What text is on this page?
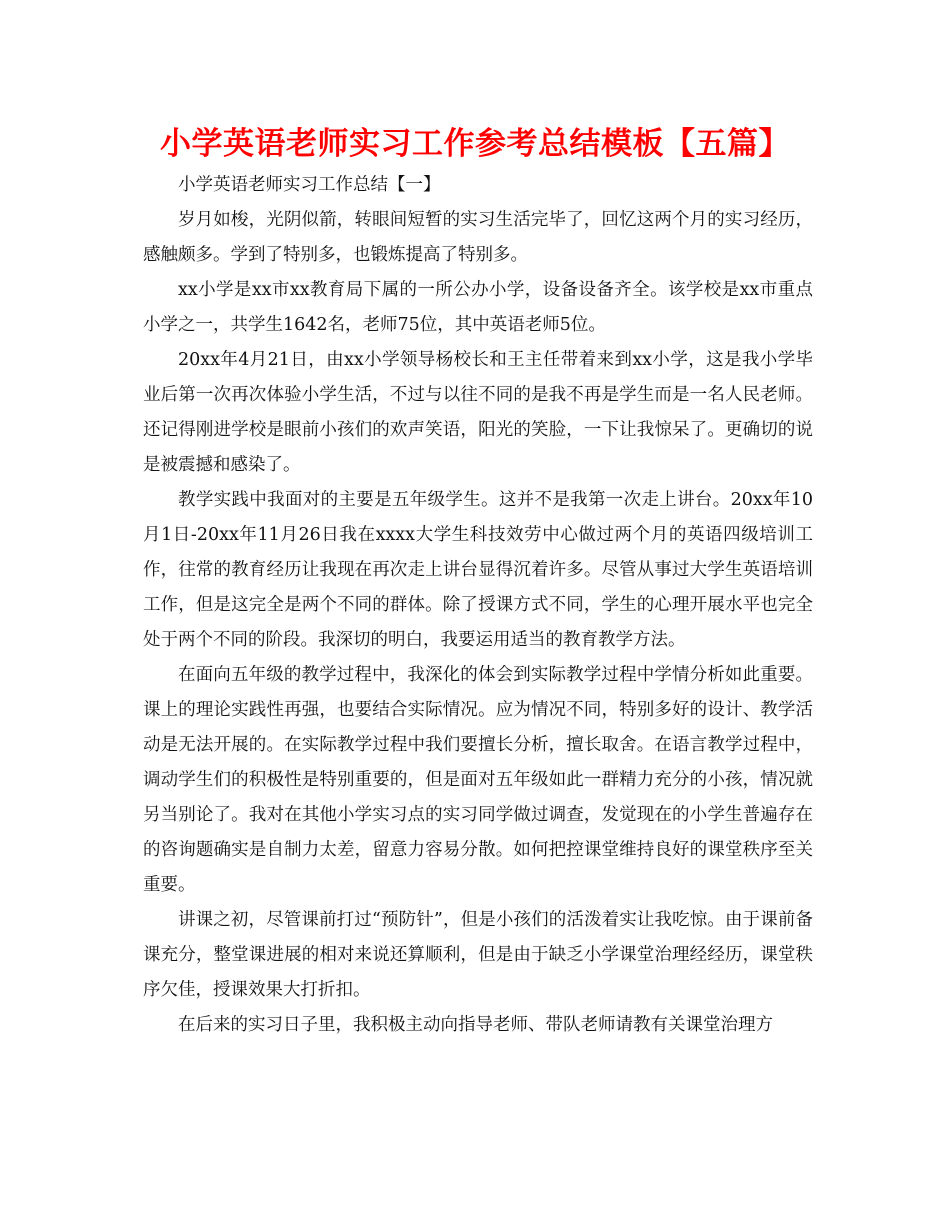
小学英语老师实习工作参考总结模板【五篇】

小学英语老师实习工作总结【一】

岁月如梭，光阴似箭，转眼间短暂的实习生活完毕了，回忆这两个月的实习经历，感触颇多。学到了特别多，也锻炼提高了特别多。

xx小学是xx市xx教育局下属的一所公办小学，设备设备齐全。该学校是xx市重点小学之一，共学生1642名，老师75位，其中英语老师5位。

20xx年4月21日，由xx小学领导杨校长和王主任带着来到xx小学，这是我小学毕业后第一次再次体验小学生活，不过与以往不同的是我不再是学生而是一名人民老师。还记得刚进学校是眼前小孩们的欢声笑语，阳光的笑脸，一下让我惊呆了。更确切的说是被震撼和感染了。

教学实践中我面对的主要是五年级学生。这并不是我第一次走上讲台。20xx年10月1日-20xx年11月26日我在xxxx大学生科技效劳中心做过两个月的英语四级培训工作，往常的教育经历让我现在再次走上讲台显得沉着许多。尽管从事过大学生英语培训工作，但是这完全是两个不同的群体。除了授课方式不同，学生的心理开展水平也完全处于两个不同的阶段。我深切的明白，我要运用适当的教育教学方法。

在面向五年级的教学过程中，我深化的体会到实际教学过程中学情分析如此重要。课上的理论实践性再强，也要结合实际情况。应为情况不同，特别多好的设计、教学活动是无法开展的。在实际教学过程中我们要擅长分析，擅长取舍。在语言教学过程中，调动学生们的积极性是特别重要的，但是面对五年级如此一群精力充分的小孩，情况就另当别论了。我对在其他小学实习点的实习同学做过调查，发觉现在的小学生普遍存在的咨询题确实是自制力太差，留意力容易分散。如何把控课堂维持良好的课堂秩序至关重要。

讲课之初，尽管课前打过“预防针”，但是小孩们的活泼着实让我吃惊。由于课前备课充分，整堂课进展的相对来说还算顺利，但是由于缺乏小学课堂治理经经历，课堂秩序欠佳，授课效果大打折扣。

在后来的实习日子里，我积极主动向指导老师、带队老师请教有关课堂治理方
